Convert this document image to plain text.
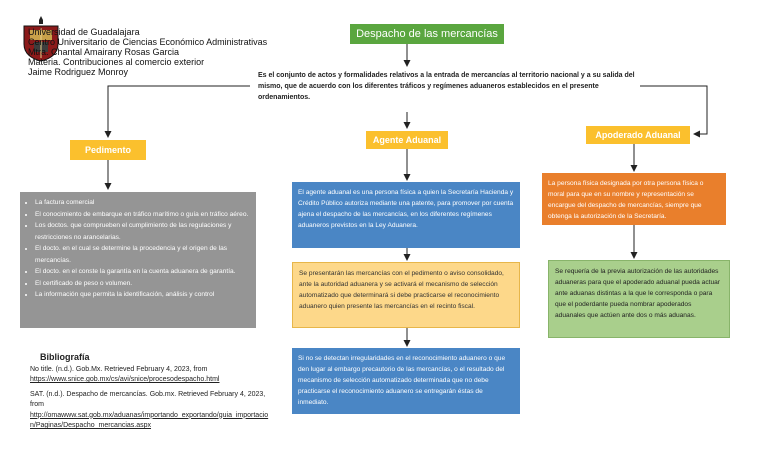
Universidad de Guadalajara
Centro Universitario de Ciencias Económico Administrativas
Mtra. Chantal Amairany Rosas Garcia
Materia. Contribuciones al comercio exterior
Jaime Rodriguez Monroy
Despacho de las mercancías
Es el conjunto de actos y formalidades relativos a la entrada de mercancías al territorio nacional y a su salida del mismo, que de acuerdo con los diferentes tráficos y regímenes aduaneros establecidos en el presente ordenamientos.
Pedimento
Agente Aduanal	Apoderado Aduanal
• La factura comercial
• El conocimiento de embarque en tráfico marítimo o guía en tráfico aéreo.
• Los doctos. que comprueben el cumplimiento de las regulaciones y restricciones no arancelarias.
• El docto. en el cual se determine la procedencia y el origen de las mercancías.
• El docto. en el conste la garantía en la cuenta aduanera de garantía.
• El certificado de peso o volumen.
• La información que permita la identificación, análisis y control
El agente aduanal es una persona física a quien la Secretaría Hacienda y Crédito Público autoriza mediante una patente, para promover por cuenta ajena el despacho de las mercancías, en los diferentes regímenes aduaneros previstos en la Ley Aduanera.
Se presentarán las mercancías con el pedimento o aviso consolidado, ante la autoridad aduanera y se activará el mecanismo de selección automatizado que determinará si debe practicarse el reconocimiento aduanero quien presente las mercancías en el recinto fiscal.
Si no se detectan irregularidades en el reconocimiento aduanero o que den lugar al embargo precautorio de las mercancías, o el resultado del mecanismo de selección automatizado determinada que no debe practicarse el reconocimiento aduanero se entregarán éstas de inmediato.
La persona física designada por otra persona física o moral para que en su nombre y representación se encargue del despacho de mercancías, siempre que obtenga la autorización de la Secretaría.
Se requería de la previa autorización de las autoridades aduaneras para que el apoderado aduanal pueda actuar ante aduanas distintas a la que le corresponda o para que el poderdante pueda nombrar apoderados aduanales que actúen ante dos o más aduanas.
Bibliografía
No title. (n.d.). Gob.Mx. Retrieved February 4, 2023, from
https://www.snice.gob.mx/cs/avi/snice/procesodespacho.html
SAT. (n.d.). Despacho de mercancías. Gob.mx. Retrieved February 4, 2023, from
http://omawww.sat.gob.mx/aduanas/importando_exportando/guia_importacion/Paginas/Despacho_mercancias.aspx
